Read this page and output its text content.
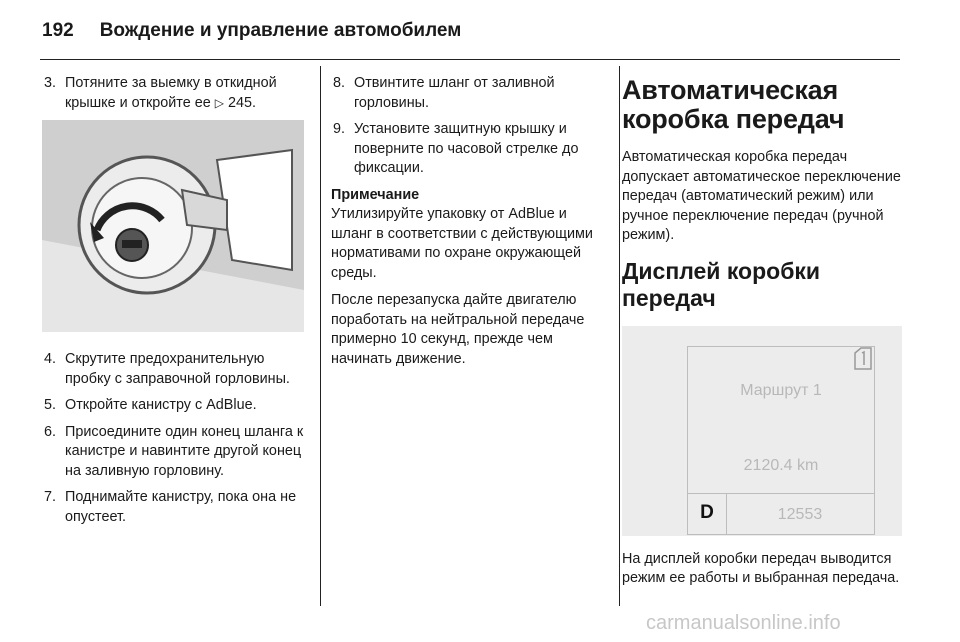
192 Вождение и управление автомобилем
3. Потяните за выемку в откидной крышке и откройте ее ▷ 245.
4. Скрутите предохранительную пробку с заправочной горловины.
5. Откройте канистру с AdBlue.
6. Присоедините один конец шланга к канистре и навинтите другой конец на заливную горловину.
7. Поднимайте канистру, пока она не опустеет.
8. Отвинтите шланг от заливной горловины.
9. Установите защитную крышку и поверните по часовой стрелке до фиксации.
Примечание

Утилизируйте упаковку от AdBlue и шланг в соответствии с действующими нормативами по охране окружающей среды.

После перезапуска дайте двигателю поработать на нейтральной передаче примерно 10 секунд, прежде чем начинать движение.

Автоматическая коробка передач

Автоматическая коробка передач допускает автоматическое переключение передач (автоматический режим) или ручное переключение передач (ручной режим).

Дисплей коробки передач
Маршрут 1
2120.4 km
D	12553

На дисплей коробки передач выводится режим ее работы и выбранная передача.

carmanualsonline.info
